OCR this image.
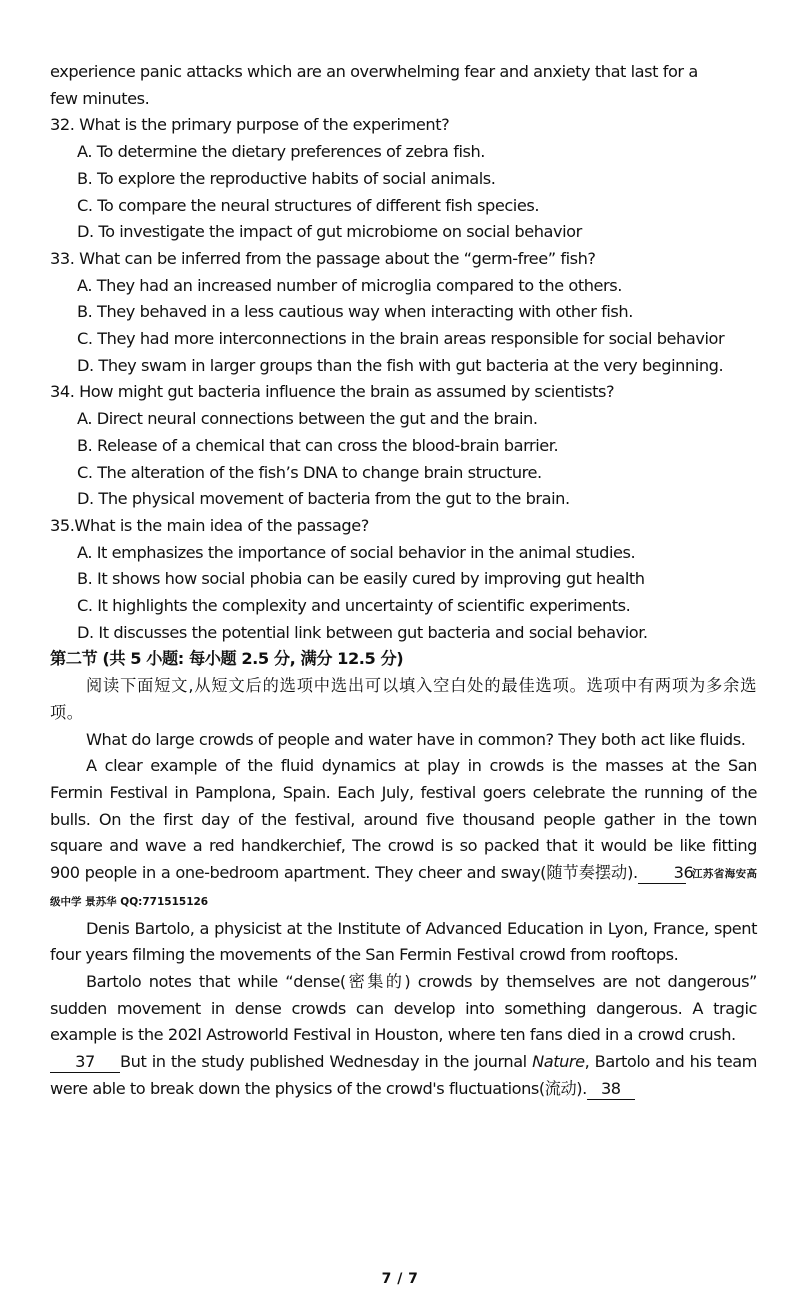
experience panic attacks which are an overwhelming fear and anxiety that last for a

few minutes.

32. What is the primary purpose of the experiment?

A. To determine the dietary preferences of zebra fish.

B. To explore the reproductive habits of social animals.

C. To compare the neural structures of different fish species.

D. To investigate the impact of gut microbiome on social behavior

33. What can be inferred from the passage about the “germ-free” fish?

A. They had an increased number of microglia compared to the others.

B. They behaved in a less cautious way when interacting with other fish.

C. They had more interconnections in the brain areas responsible for social behavior

D. They swam in larger groups than the fish with gut bacteria at the very beginning.

34. How might gut bacteria influence the brain as assumed by scientists?

A. Direct neural connections between the gut and the brain.

B. Release of a chemical that can cross the blood-brain barrier.

C. The alteration of the fish’s DNA to change brain structure.

D. The physical movement of bacteria from the gut to the brain.

35.What is the main idea of the passage?

A. It emphasizes the importance of social behavior in the animal studies.

B. It shows how social phobia can be easily cured by improving gut health

C. It highlights the complexity and uncertainty of scientific experiments.

D. It discusses the potential link between gut bacteria and social behavior.

第二节 (共 5 小题: 每小题 2.5 分, 满分 12.5 分)

阅读下面短文,从短文后的选项中选出可以填入空白处的最佳选项。选项中有两项为多余选项。

What do large crowds of people and water have in common? They both act like fluids.

A clear example of the fluid dynamics at play in crowds is the masses at the San Fermin Festival in Pamplona, Spain. Each July, festival goers celebrate the running of the bulls. On the first day of the festival, around five thousand people gather in the town square and wave a red handkerchief, The crowd is so packed that it would be like fitting 900 people in a one-bedroom apartment. They cheer and sway(随节奏摆动). 36江苏省海安高级中学 景苏华 QQ:771515126

Denis Bartolo, a physicist at the Institute of Advanced Education in Lyon, France, spent four years filming the movements of the San Fermin Festival crowd from rooftops.

Bartolo notes that while “dense(密集的) crowds by themselves are not dangerous” sudden movement in dense crowds can develop into something dangerous. A tragic example is the 202l Astroworld Festival in Houston, where ten fans died in a crowd crush.

37 But in the study published Wednesday in the journal Nature, Bartolo and his team were able to break down the physics of the crowd's fluctuations(流动). 38

7 / 7
